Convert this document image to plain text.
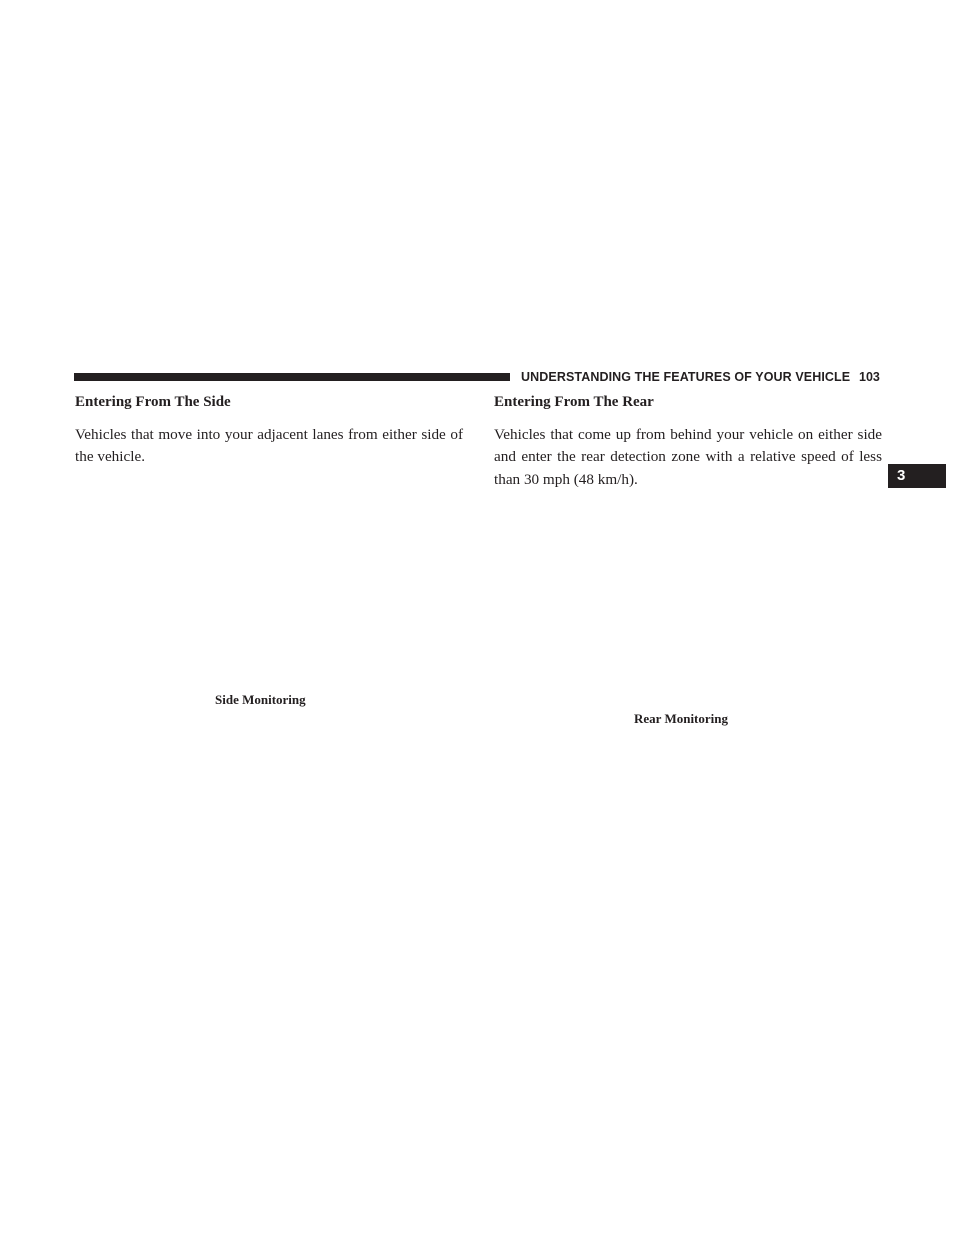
UNDERSTANDING THE FEATURES OF YOUR VEHICLE 103
3
Entering From The Side

Vehicles that move into your adjacent lanes from either side of the vehicle.

Side Monitoring
Entering From The Rear

Vehicles that come up from behind your vehicle on either side and enter the rear detection zone with a relative speed of less than 30 mph (48 km/h).

Rear Monitoring
